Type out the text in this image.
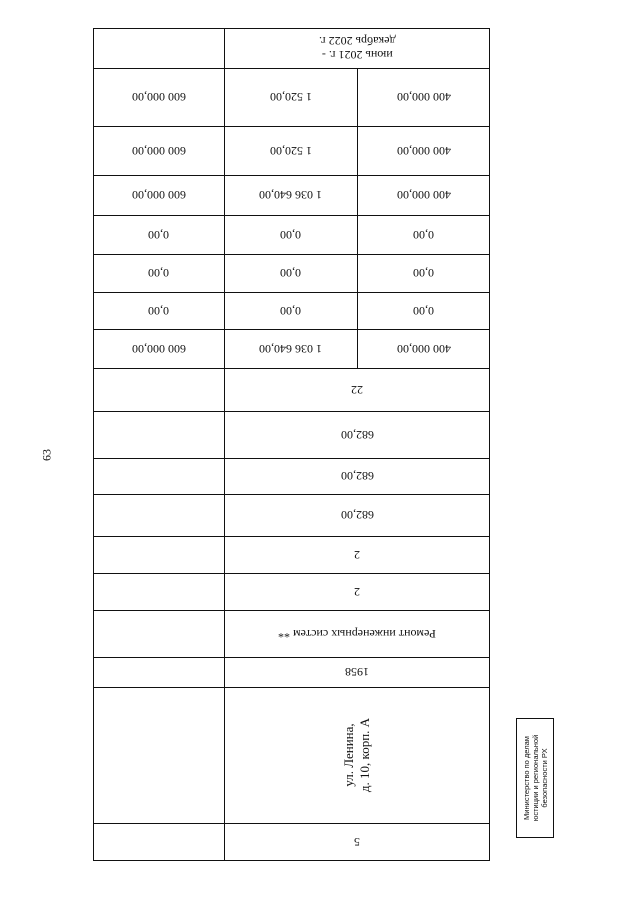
63
Министерство по делам юстиции и региональной безопасности РХ
июнь 2021 г. -
декабрь 2022 г.
600 000,00	1 520,00	400 000,00
600 000,00	1 520,00	400 000,00
600 000,00	1 036 640,00	400 000,00
0,00	0,00	0,00
0,00	0,00	0,00
0,00	0,00	0,00
600 000,00	1 036 640,00	400 000,00
22
682,00
682,00
682,00
2
2
Ремонт инженерных систем **
1958
ул. Ленина, д. 10, корп. А
5
